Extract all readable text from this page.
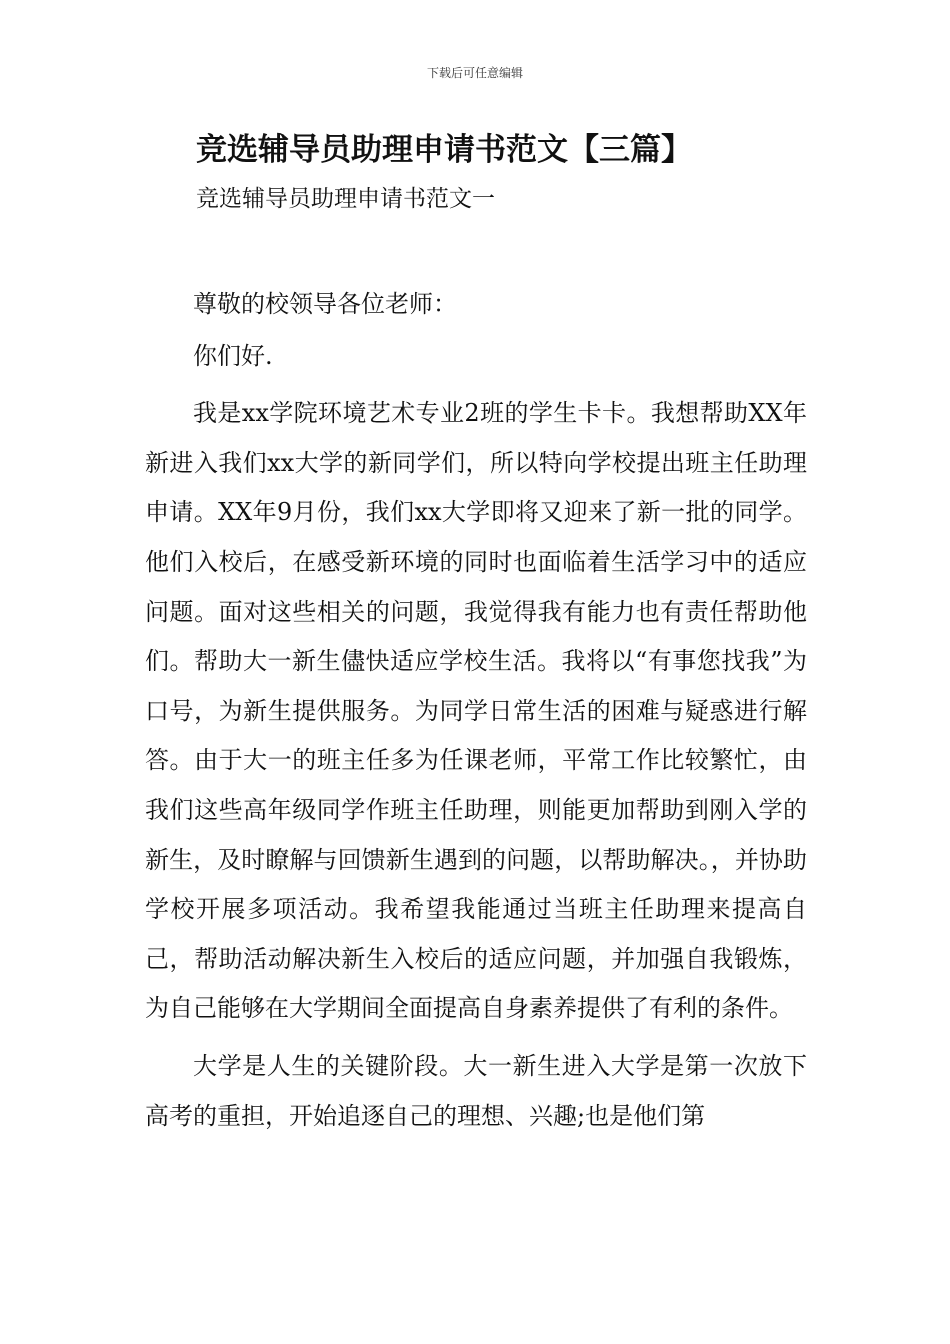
下载后可任意编辑
竞选辅导员助理申请书范文【三篇】
竞选辅导员助理申请书范文一

尊敬的校领导各位老师：

你们好.

我是xx学院环境艺术专业2班的学生卡卡。我想帮助XX年新进入我们xx大学的新同学们，所以特向学校提出班主任助理申请。XX年9月份，我们xx大学即将又迎来了新一批的同学。他们入校后，在感受新环境的同时也面临着生活学习中的适应问题。面对这些相关的问题，我觉得我有能力也有责任帮助他们。帮助大一新生儘快适应学校生活。我将以“有事您找我”为口号，为新生提供服务。为同学日常生活的困难与疑惑进行解答。由于大一的班主任多为任课老师，平常工作比较繁忙，由我们这些高年级同学作班主任助理，则能更加帮助到刚入学的新生，及时瞭解与回馈新生遇到的问题，以帮助解决。，并协助学校开展多项活动。我希望我能通过当班主任助理来提高自己，帮助活动解决新生入校后的适应问题，并加强自我锻炼，为自己能够在大学期间全面提高自身素养提供了有利的条件。

大学是人生的关键阶段。大一新生进入大学是第一次放下高考的重担，开始追逐自己的理想、兴趣;也是他们第
